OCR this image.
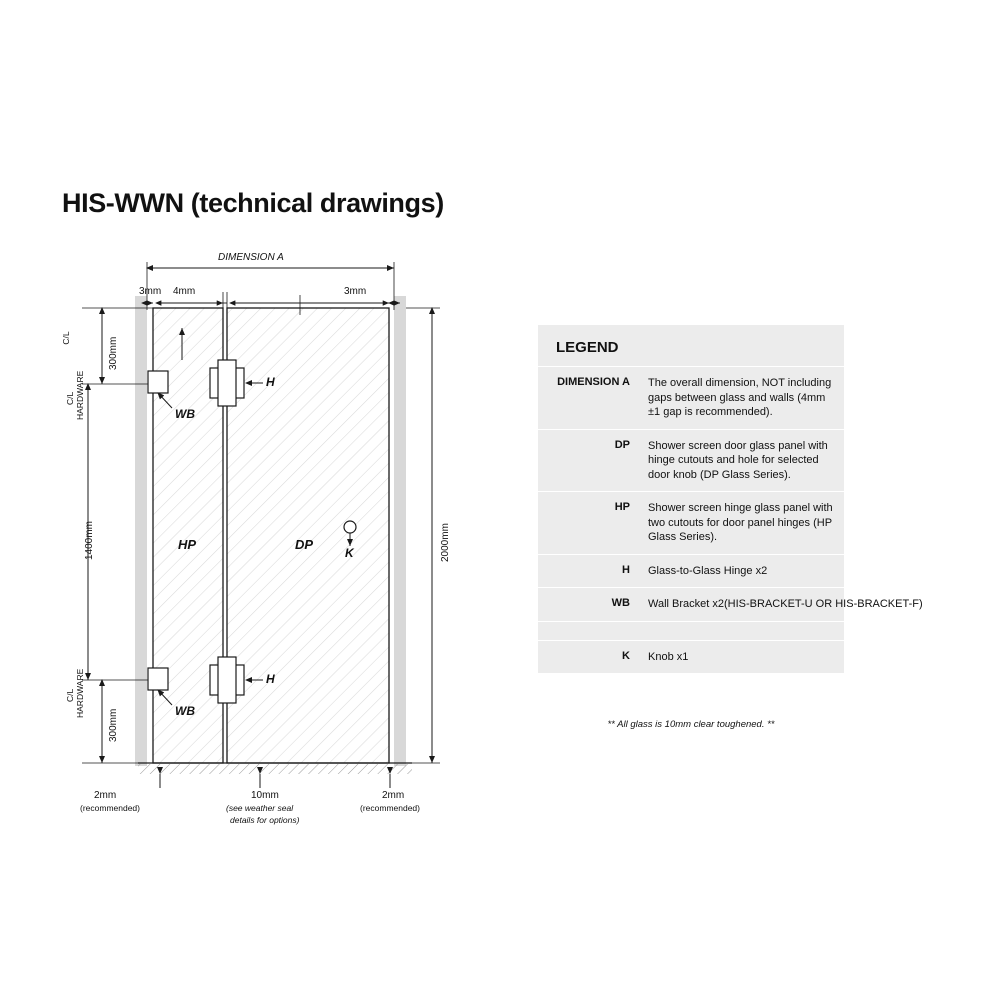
HIS-WWN (technical drawings)
DIMENSION A
3mm 4mm	3mm
2000mm
1400mm
300mm
300mm
C/L
C/L HARDWARE
C/L HARDWARE
HP	DP
H
H
WB
WB
K
2mm
(recommended)
10mm
(see weather seal
details for options)
2mm
(recommended)
LEGEND
DIMENSION A	The overall dimension, NOT including gaps between glass and walls (4mm ±1 gap is recommended).
DP	Shower screen door glass panel with hinge cutouts and hole for selected door knob (DP Glass Series).
HP	Shower screen hinge glass panel with two cutouts for door panel hinges (HP Glass Series).
H	Glass-to-Glass Hinge x2
WB	Wall Bracket x2(HIS-BRACKET-U OR HIS-BRACKET-F)
K	Knob x1
** All glass is 10mm clear toughened. **
